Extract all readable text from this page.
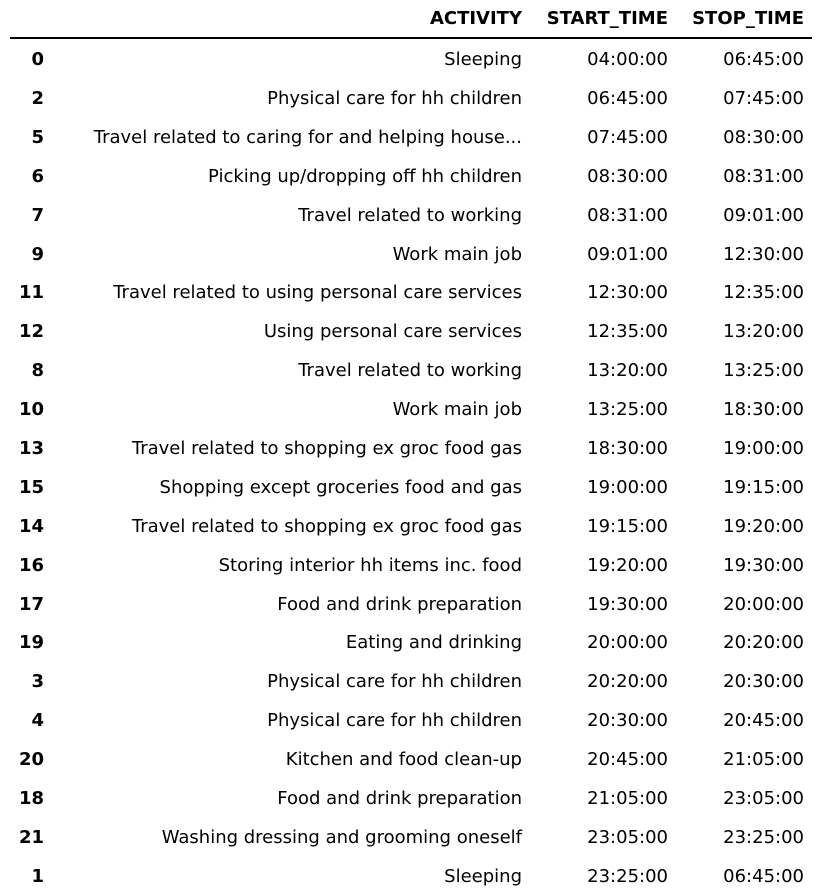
	ACTIVITY	START_TIME	STOP_TIME
0	Sleeping	04:00:00	06:45:00
2	Physical care for hh children	06:45:00	07:45:00
5	Travel related to caring for and helping house...	07:45:00	08:30:00
6	Picking up/dropping off hh children	08:30:00	08:31:00
7	Travel related to working	08:31:00	09:01:00
9	Work main job	09:01:00	12:30:00
11	Travel related to using personal care services	12:30:00	12:35:00
12	Using personal care services	12:35:00	13:20:00
8	Travel related to working	13:20:00	13:25:00
10	Work main job	13:25:00	18:30:00
13	Travel related to shopping ex groc food gas	18:30:00	19:00:00
15	Shopping except groceries food and gas	19:00:00	19:15:00
14	Travel related to shopping ex groc food gas	19:15:00	19:20:00
16	Storing interior hh items inc. food	19:20:00	19:30:00
17	Food and drink preparation	19:30:00	20:00:00
19	Eating and drinking	20:00:00	20:20:00
3	Physical care for hh children	20:20:00	20:30:00
4	Physical care for hh children	20:30:00	20:45:00
20	Kitchen and food clean-up	20:45:00	21:05:00
18	Food and drink preparation	21:05:00	23:05:00
21	Washing dressing and grooming oneself	23:05:00	23:25:00
1	Sleeping	23:25:00	06:45:00
